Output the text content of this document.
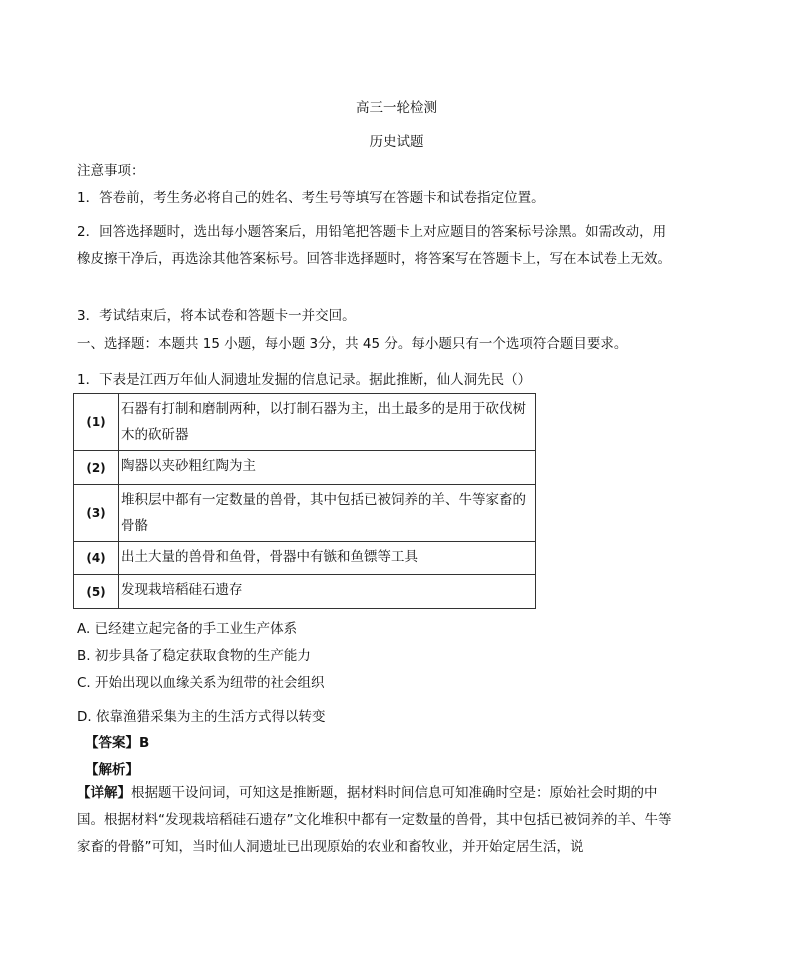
高三一轮检测
历史试题
注意事项：
1．答卷前，考生务必将自己的姓名、考生号等填写在答题卡和试卷指定位置。
2．回答选择题时，选出每小题答案后，用铅笔把答题卡上对应题目的答案标号涂黑。如需改动，用橡皮擦干净后，再选涂其他答案标号。回答非选择题时，将答案写在答题卡上，写在本试卷上无效。
3．考试结束后，将本试卷和答题卡一并交回。
一、选择题：本题共 15 小题，每小题 3分，共 45 分。每小题只有一个选项符合题目要求。
1．下表是江西万年仙人洞遗址发掘的信息记录。据此推断，仙人洞先民（）
(1)	石器有打制和磨制两种，以打制石器为主，出土最多的是用于砍伐树木的砍斫器
(2)	陶器以夹砂粗红陶为主
(3)	堆积层中都有一定数量的兽骨，其中包括已被饲养的羊、牛等家畜的骨骼
(4)	出土大量的兽骨和鱼骨，骨器中有镞和鱼镖等工具
(5)	发现栽培稻硅石遗存
A. 已经建立起完备的手工业生产体系
B. 初步具备了稳定获取食物的生产能力
C. 开始出现以血缘关系为纽带的社会组织
D. 依靠渔猎采集为主的生活方式得以转变
【答案】B
【解析】
【详解】根据题干设问词，可知这是推断题，据材料时间信息可知准确时空是：原始社会时期的中国。根据材料“发现栽培稻硅石遗存”文化堆积中都有一定数量的兽骨，其中包括已被饲养的羊、牛等家畜的骨骼”可知，当时仙人洞遗址已出现原始的农业和畜牧业，并开始定居生活，说
